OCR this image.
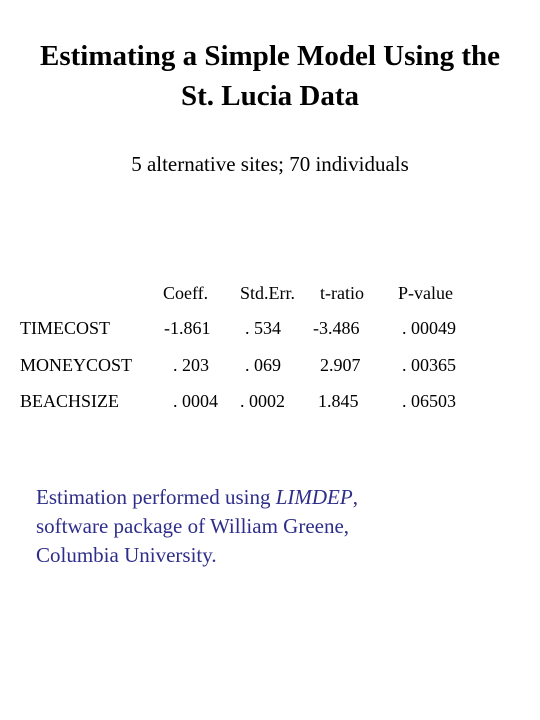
Estimating a Simple Model Using the
St. Lucia Data
5 alternative sites; 70 individuals
Coeff. Std.Err. t-ratio P-value
TIMECOST	-1.861 . 534 -3.486 . 00049
MONEYCOST . 203 . 069 2.907 . 00365
BEACHSIZE	. 0004 . 0002 1.845 . 06503
Estimation performed using LIMDEP,
software package of William Greene,
Columbia University.
